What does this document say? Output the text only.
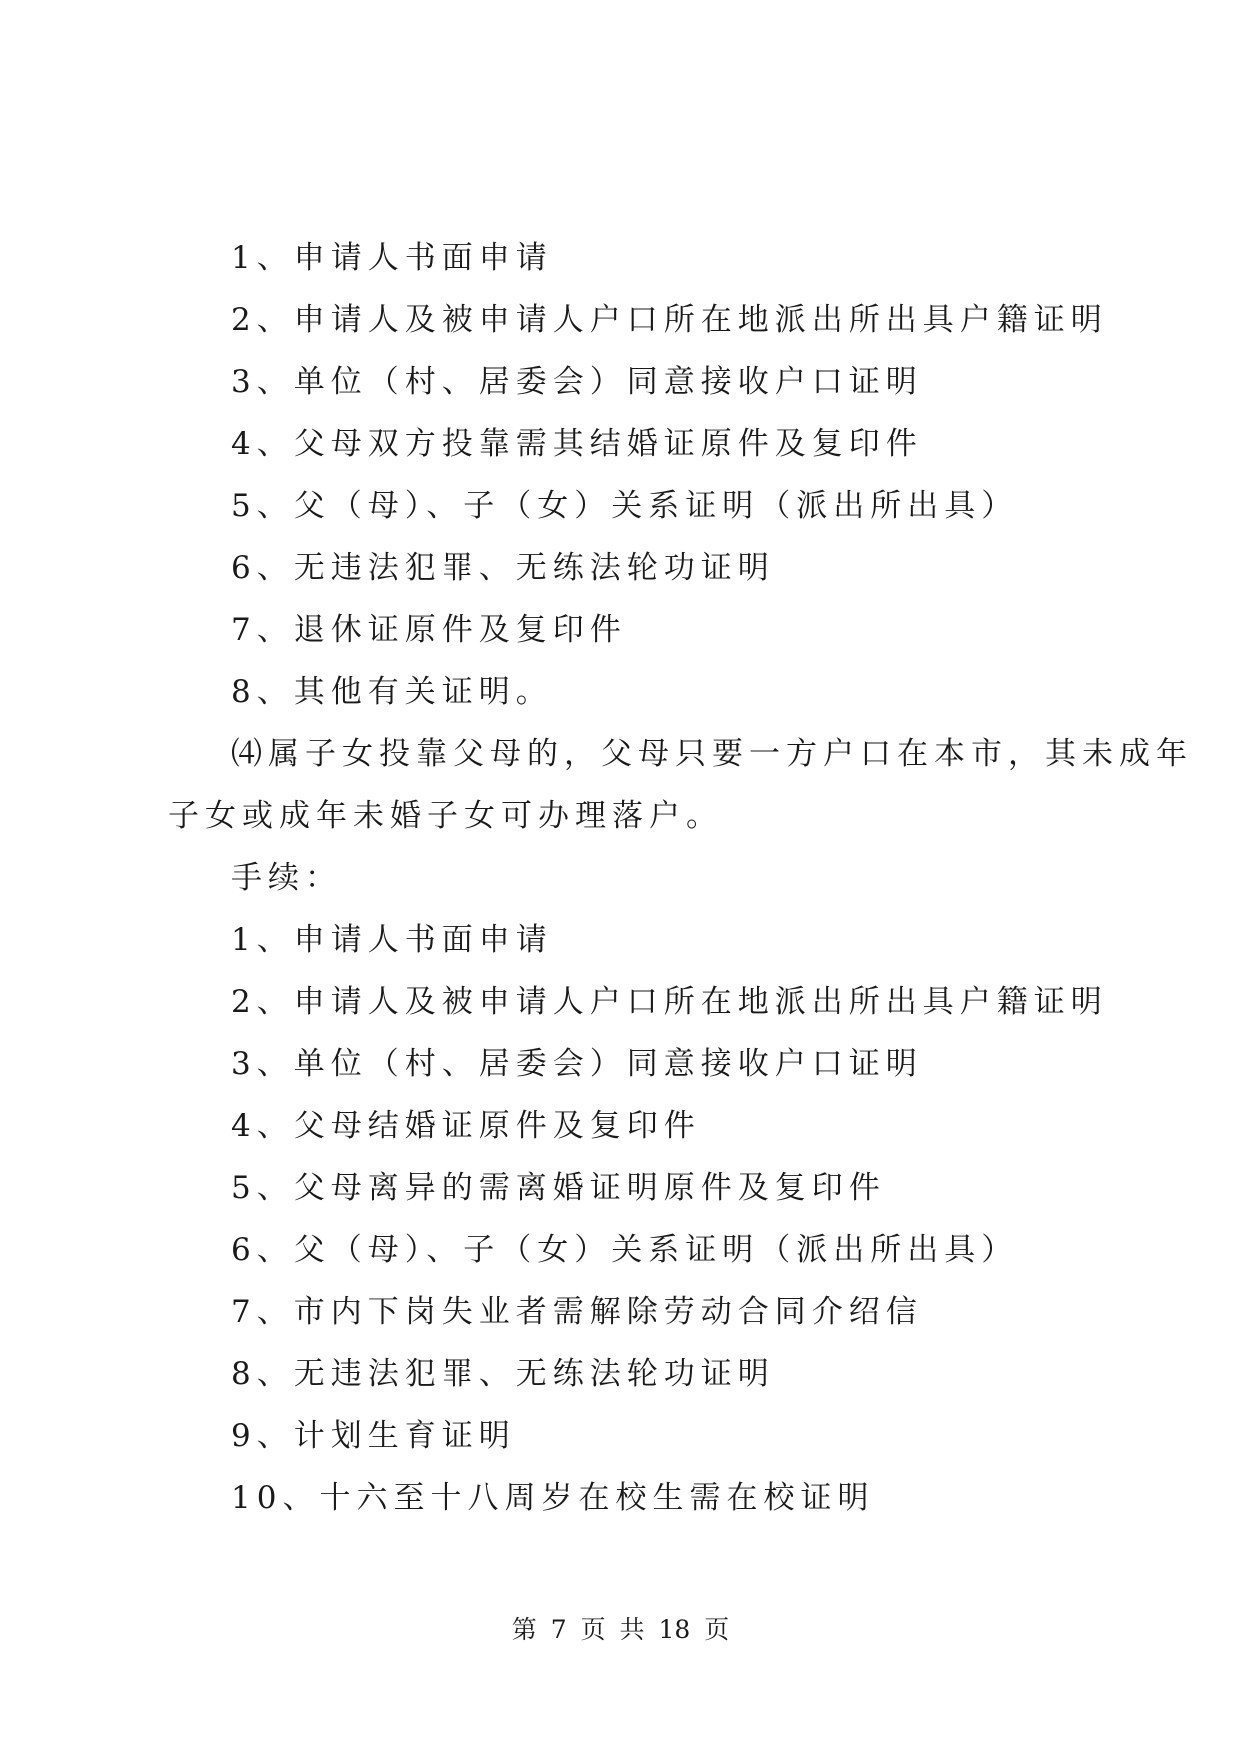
1、申请人书面申请
2、申请人及被申请人户口所在地派出所出具户籍证明
3、单位（村、居委会）同意接收户口证明
4、父母双方投靠需其结婚证原件及复印件
5、父（母）、子（女）关系证明（派出所出具）
6、无违法犯罪、无练法轮功证明
7、退休证原件及复印件
8、其他有关证明。
⑷属子女投靠父母的，父母只要一方户口在本市，其未成年
子女或成年未婚子女可办理落户。
手续：
1、申请人书面申请
2、申请人及被申请人户口所在地派出所出具户籍证明
3、单位（村、居委会）同意接收户口证明
4、父母结婚证原件及复印件
5、父母离异的需离婚证明原件及复印件
6、父（母）、子（女）关系证明（派出所出具）
7、市内下岗失业者需解除劳动合同介绍信
8、无违法犯罪、无练法轮功证明
9、计划生育证明
10、十六至十八周岁在校生需在校证明
第 7 页 共 18 页
